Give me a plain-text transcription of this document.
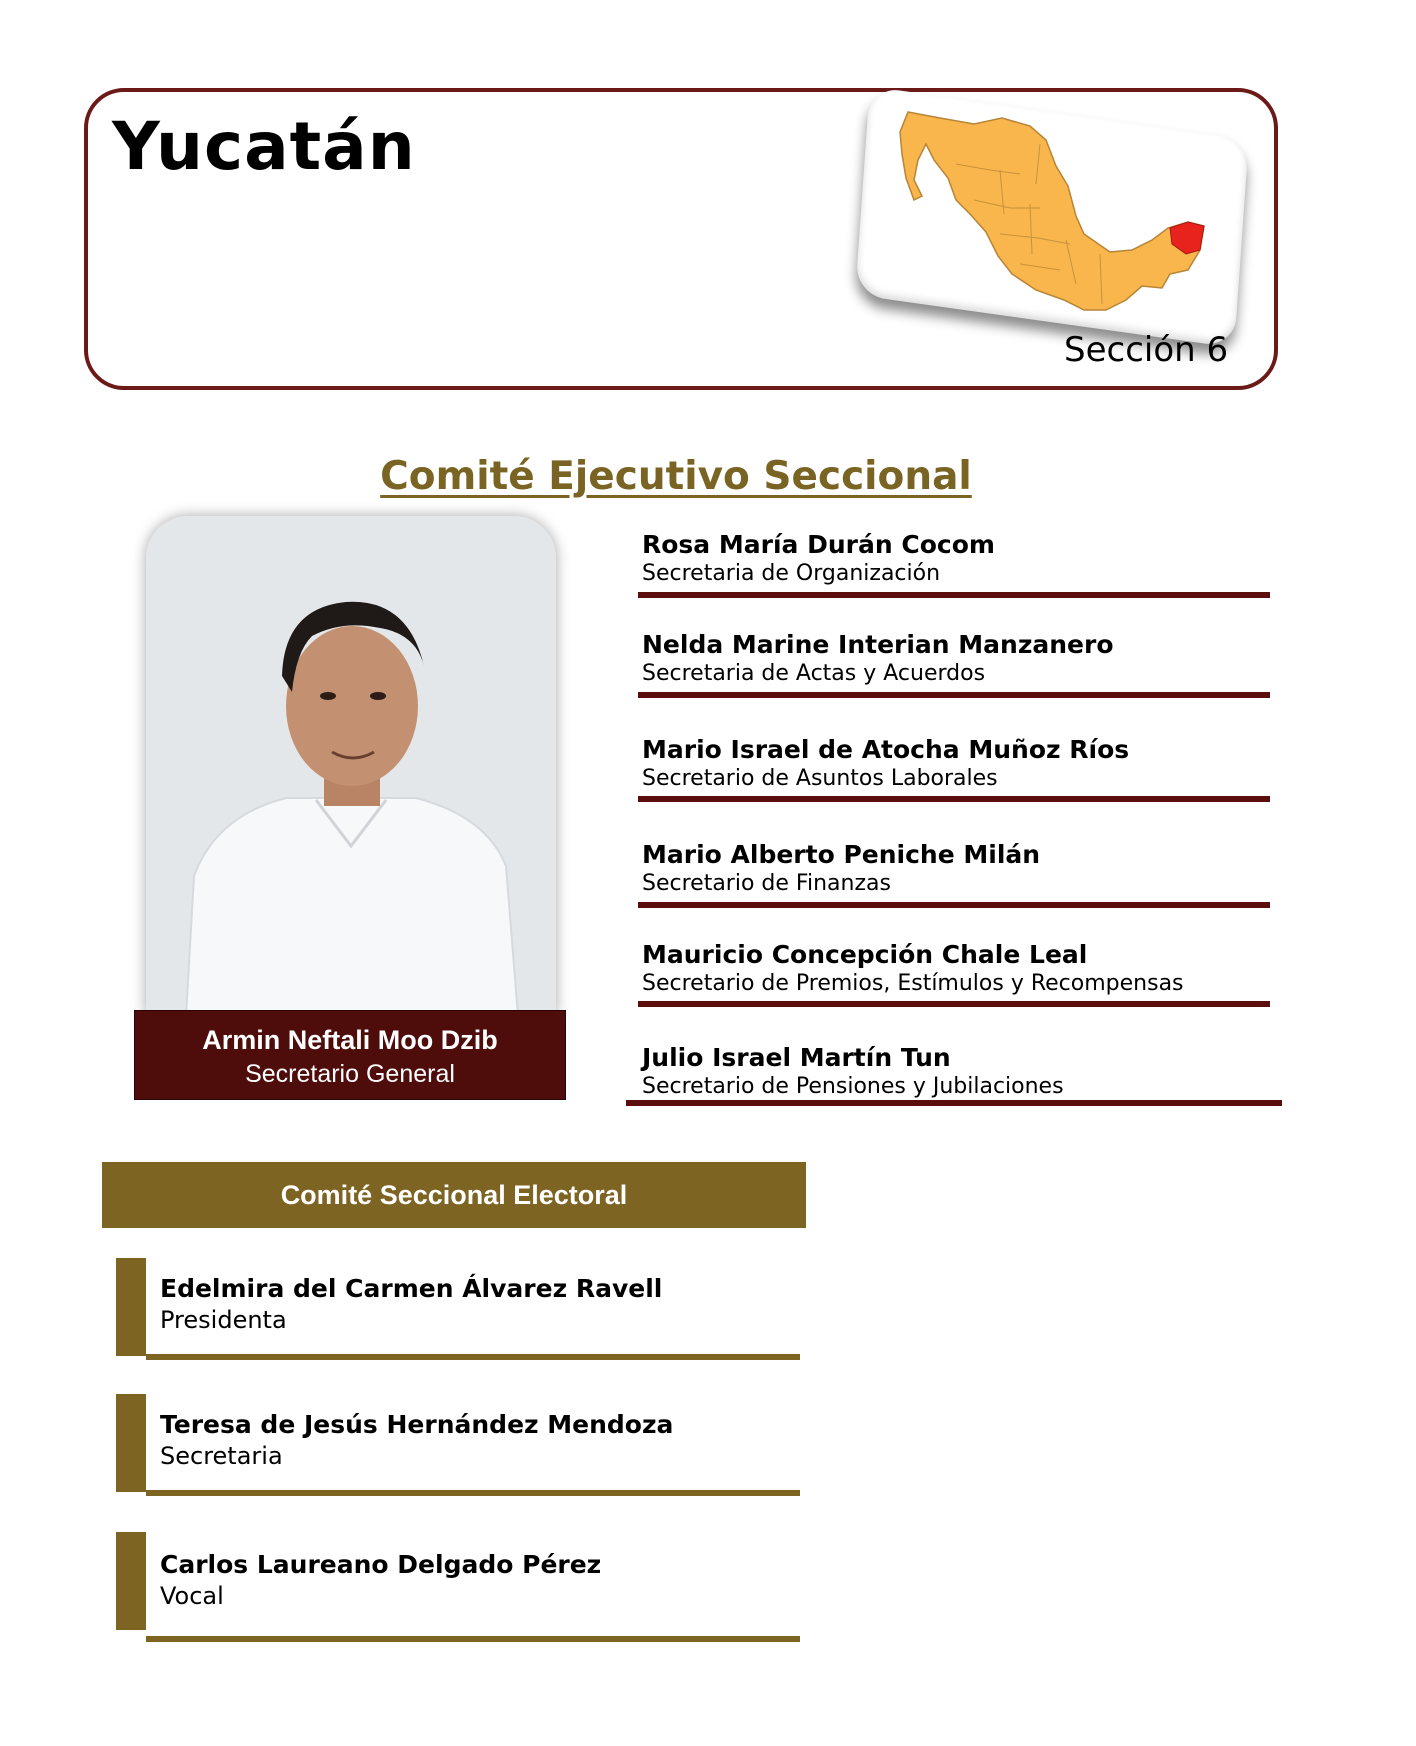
Yucatán
Sección 6
Comité Ejecutivo Seccional
Armin Neftali Moo Dzib
Secretario General
Rosa María Durán Cocom
Secretaria de Organización
Nelda Marine Interian Manzanero
Secretaria de Actas y Acuerdos
Mario Israel de Atocha Muñoz Ríos
Secretario de Asuntos Laborales
Mario Alberto Peniche Milán
Secretario de Finanzas
Mauricio Concepción Chale Leal
Secretario de Premios, Estímulos y Recompensas
Julio Israel Martín Tun
Secretario de Pensiones y Jubilaciones
Comité Seccional Electoral
Edelmira del Carmen Álvarez Ravell
Presidenta
Teresa de Jesús Hernández Mendoza
Secretaria
Carlos Laureano Delgado Pérez
Vocal
